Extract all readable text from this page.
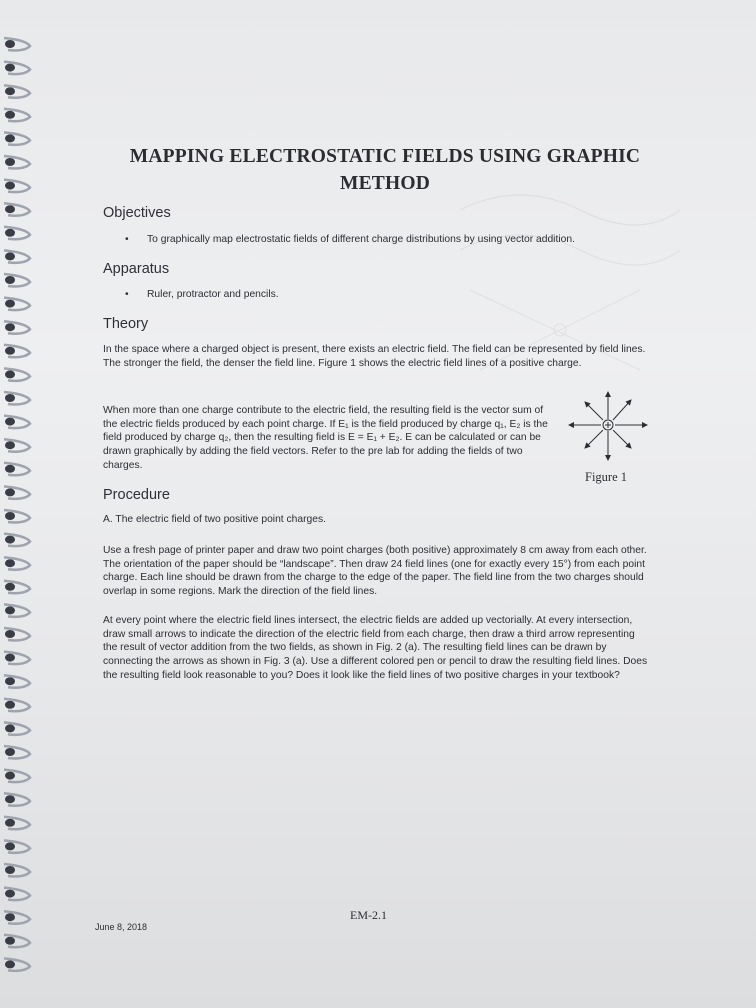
MAPPING ELECTROSTATIC FIELDS USING GRAPHIC METHOD
Objectives
• To graphically map electrostatic fields of different charge distributions by using vector addition.
Apparatus
• Ruler, protractor and pencils.
Theory
In the space where a charged object is present, there exists an electric field. The field can be represented by field lines. The stronger the field, the denser the field line. Figure 1 shows the electric field lines of a positive charge.
When more than one charge contribute to the electric field, the resulting field is the vector sum of the electric fields produced by each point charge. If E₁ is the field produced by charge q₁, E₂ is the field produced by charge q₂, then the resulting field is E = E₁ + E₂. E can be calculated or can be drawn graphically by adding the field vectors. Refer to the pre lab for adding the fields of two charges.
Figure 1
Procedure
A. The electric field of two positive point charges.
Use a fresh page of printer paper and draw two point charges (both positive) approximately 8 cm away from each other. The orientation of the paper should be “landscape”. Then draw 24 field lines (one for exactly every 15°) from each point charge. Each line should be drawn from the charge to the edge of the paper. The field line from the two charges should overlap in some regions. Mark the direction of the field lines.
At every point where the electric field lines intersect, the electric fields are added up vectorially. At every intersection, draw small arrows to indicate the direction of the electric field from each charge, then draw a third arrow representing the result of vector addition from the two fields, as shown in Fig. 2 (a). The resulting field lines can be drawn by connecting the arrows as shown in Fig. 3 (a). Use a different colored pen or pencil to draw the resulting field lines. Does the resulting field look reasonable to you? Does it look like the field lines of two positive charges in your textbook?
EM-2.1
June 8, 2018
